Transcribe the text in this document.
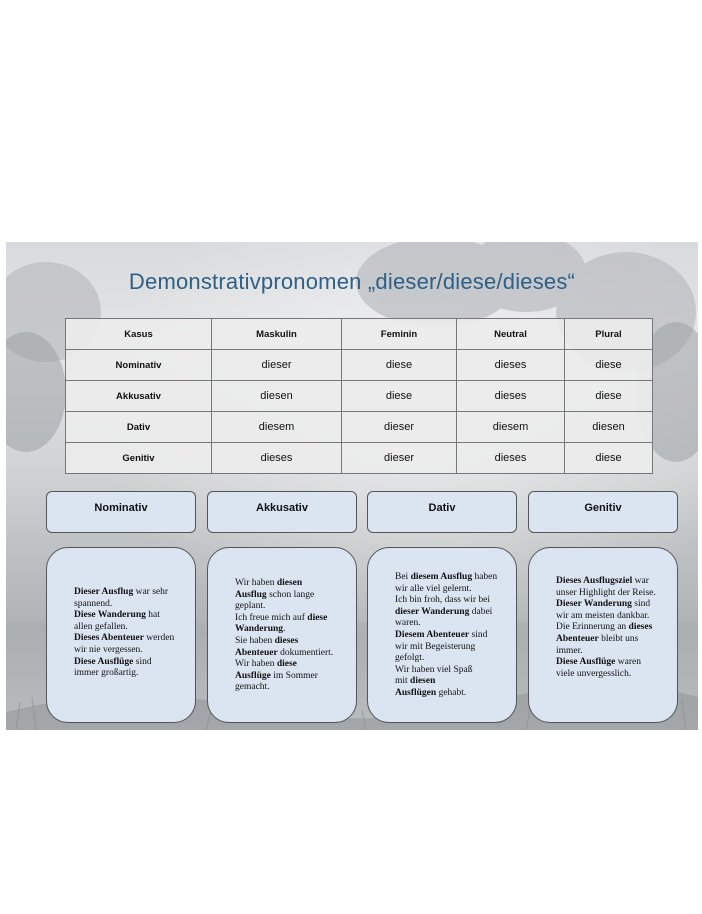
Demonstrativpronomen „dieser/diese/dieses“
Kasus	Maskulin	Feminin	Neutral	Plural
Nominativ	dieser	diese	dieses	diese
Akkusativ	diesen	diese	dieses	diese
Dativ	diesem	dieser	diesem	diesen
Genitiv	dieses	dieser	dieses	diese
Nominativ	Akkusativ	Dativ	Genitiv
Dieser Ausflug war sehr
spannend.
Diese Wanderung hat
allen gefallen.
Dieses Abenteuer werden
wir nie vergessen.
Diese Ausflüge sind
immer großartig.
Wir haben diesen
Ausflug schon lange
geplant.
Ich freue mich auf diese
Wanderung.
Sie haben dieses
Abenteuer dokumentiert.
Wir haben diese
Ausflüge im Sommer
gemacht.
Bei diesem Ausflug haben
wir alle viel gelernt.
Ich bin froh, dass wir bei
dieser Wanderung dabei
waren.
Diesem Abenteuer sind
wir mit Begeisterung
gefolgt.
Wir haben viel Spaß
mit diesen
Ausflügen gehabt.
Dieses Ausflugsziel war
unser Highlight der Reise.
Dieser Wanderung sind
wir am meisten dankbar.
Die Erinnerung an dieses
Abenteuer bleibt uns
immer.
Diese Ausflüge waren
viele unvergesslich.
